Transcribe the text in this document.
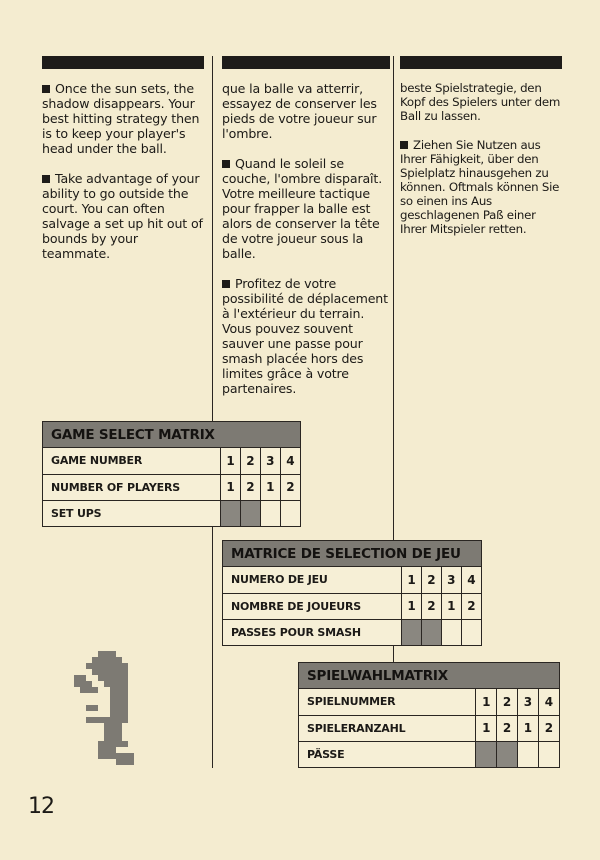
Once the sun sets, the shadow disappears. Your best hitting strategy then is to keep your player's head under the ball.

Take advantage of your ability to go outside the court. You can often salvage a set up hit out of bounds by your teammate.

que la balle va atterrir, essayez de conserver les pieds de votre joueur sur l'ombre.

Quand le soleil se couche, l'ombre disparaît. Votre meilleure tactique pour frapper la balle est alors de conserver la tête de votre joueur sous la balle.

Profitez de votre possibilité de déplacement à l'extérieur du terrain. Vous pouvez souvent sauver une passe pour smash placée hors des limites grâce à votre partenaires.

beste Spielstrategie, den Kopf des Spielers unter dem Ball zu lassen.

Ziehen Sie Nutzen aus Ihrer Fähigkeit, über den Spielplatz hinausgehen zu können. Oftmals können Sie so einen ins Aus geschlagenen Paß einer Ihrer Mitspieler retten.

GAME SELECT MATRIX
GAME NUMBER	1	2	3	4
NUMBER OF PLAYERS	1	2	1	2
SET UPS				
MATRICE DE SELECTION DE JEU
NUMERO DE JEU	1	2	3	4
NOMBRE DE JOUEURS	1	2	1	2
PASSES POUR SMASH				
SPIELWAHLMATRIX
SPIELNUMMER	1	2	3	4
SPIELERANZAHL	1	2	1	2
PÄSSE				
12
